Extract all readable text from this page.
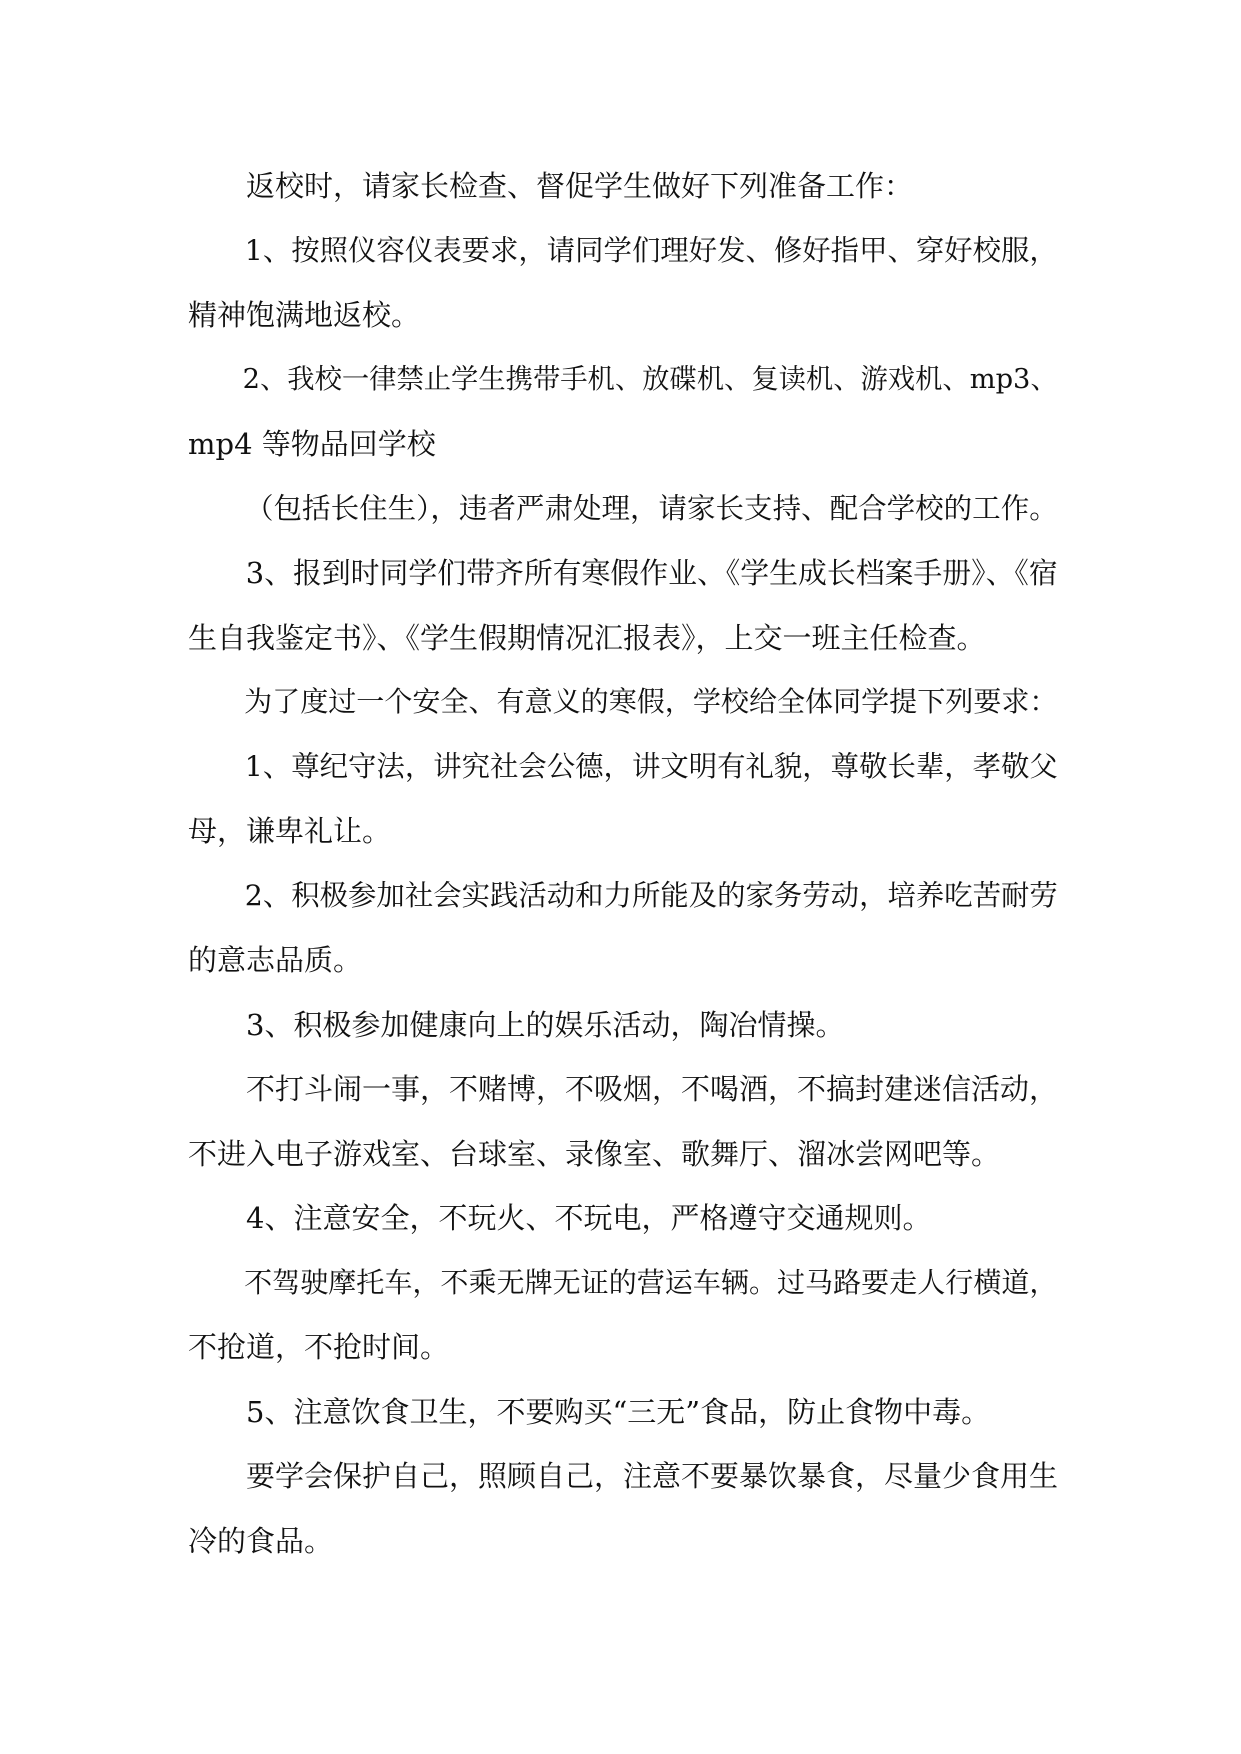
返校时，请家长检查、督促学生做好下列准备工作：
1、按照仪容仪表要求，请同学们理好发、修好指甲、穿好校服，
精神饱满地返校。
2、我校一律禁止学生携带手机、放碟机、复读机、游戏机、mp3、
mp4 等物品回学校
（包括长住生），违者严肃处理，请家长支持、配合学校的工作。
3、报到时同学们带齐所有寒假作业、《学生成长档案手册》、《宿
生自我鉴定书》、《学生假期情况汇报表》，上交一班主任检查。
为了度过一个安全、有意义的寒假，学校给全体同学提下列要求：
1、尊纪守法，讲究社会公德，讲文明有礼貌，尊敬长辈，孝敬父
母，谦卑礼让。
2、积极参加社会实践活动和力所能及的家务劳动，培养吃苦耐劳
的意志品质。
3、积极参加健康向上的娱乐活动，陶冶情操。
不打斗闹一事，不赌博，不吸烟，不喝酒，不搞封建迷信活动，
不进入电子游戏室、台球室、录像室、歌舞厅、溜冰尝网吧等。
4、注意安全，不玩火、不玩电，严格遵守交通规则。
不驾驶摩托车，不乘无牌无证的营运车辆。过马路要走人行横道，
不抢道，不抢时间。
5、注意饮食卫生，不要购买“三无”食品，防止食物中毒。
要学会保护自己，照顾自己，注意不要暴饮暴食，尽量少食用生
冷的食品。
